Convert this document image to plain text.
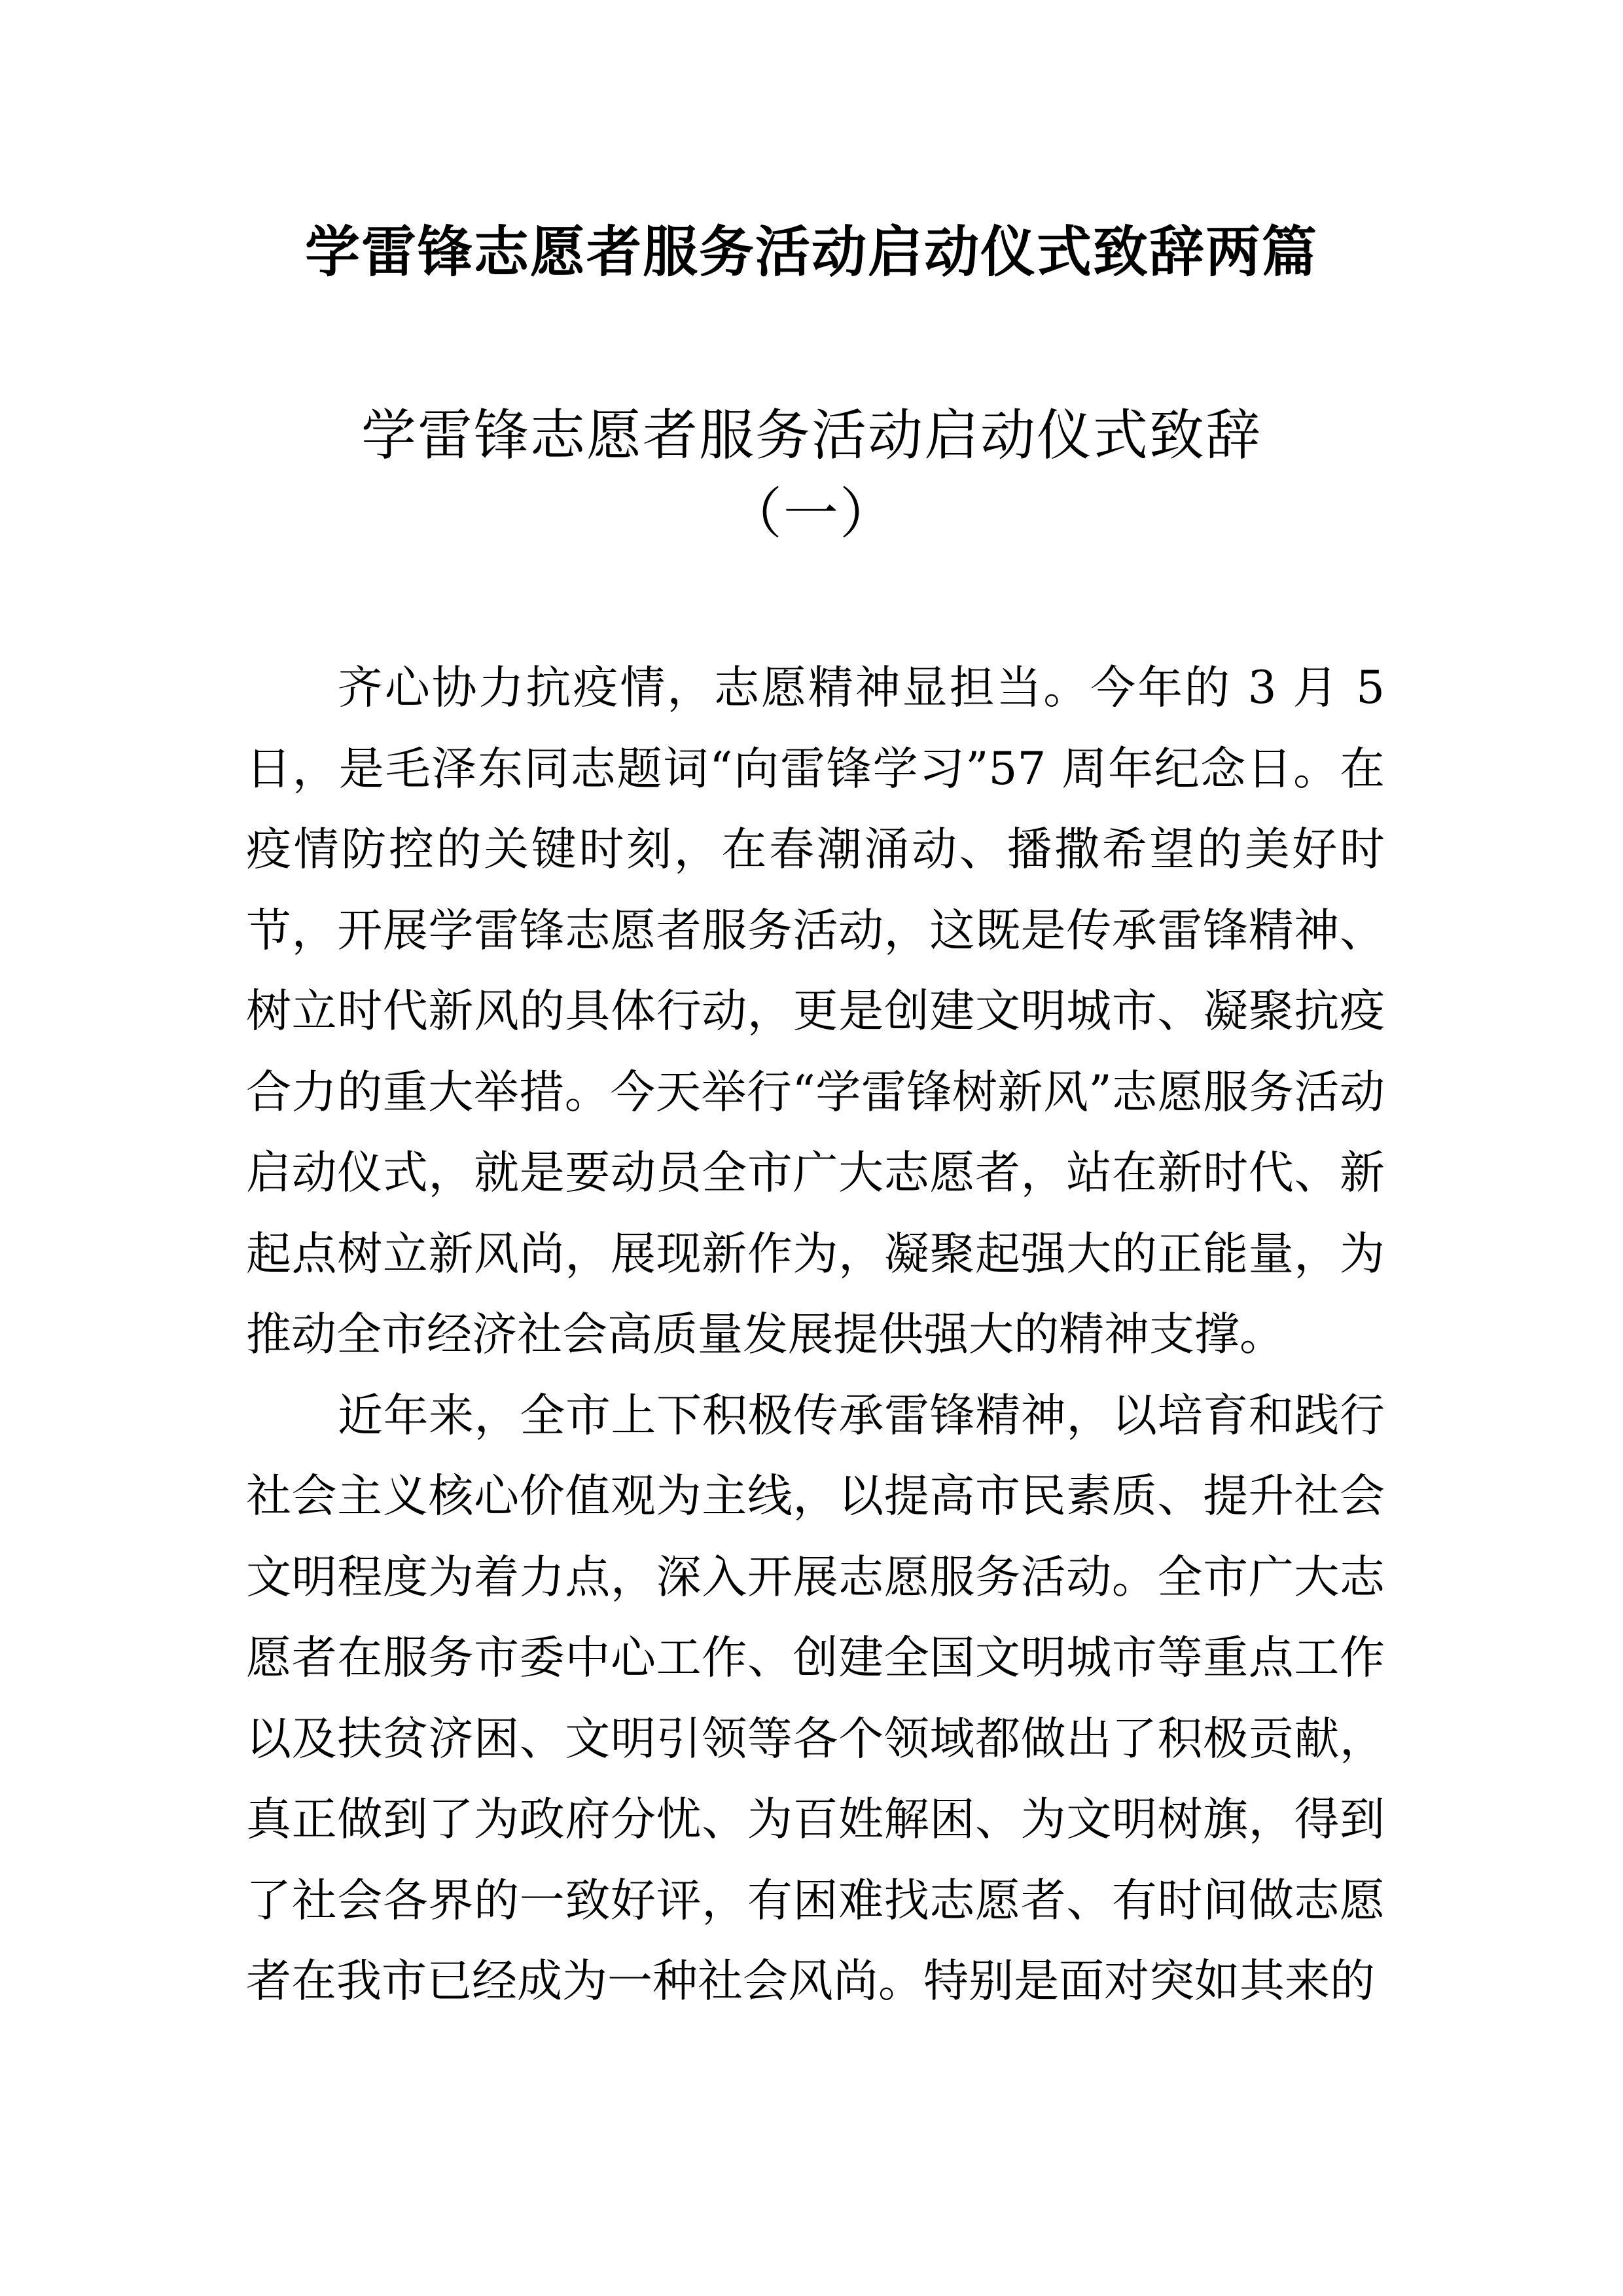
学雷锋志愿者服务活动启动仪式致辞两篇
学雷锋志愿者服务活动启动仪式致辞
（一）

齐心协力抗疫情，志愿精神显担当。今年的 3 月 5 日，是毛泽东同志题词“向雷锋学习”57 周年纪念日。在疫情防控的关键时刻，在春潮涌动、播撒希望的美好时节，开展学雷锋志愿者服务活动，这既是传承雷锋精神、树立时代新风的具体行动，更是创建文明城市、凝聚抗疫合力的重大举措。今天举行“学雷锋树新风”志愿服务活动启动仪式，就是要动员全市广大志愿者，站在新时代、新起点树立新风尚，展现新作为，凝聚起强大的正能量，为推动全市经济社会高质量发展提供强大的精神支撑。

近年来，全市上下积极传承雷锋精神，以培育和践行社会主义核心价值观为主线，以提高市民素质、提升社会文明程度为着力点，深入开展志愿服务活动。全市广大志愿者在服务市委中心工作、创建全国文明城市等重点工作以及扶贫济困、文明引领等各个领域都做出了积极贡献，真正做到了为政府分忧、为百姓解困、为文明树旗，得到了社会各界的一致好评，有困难找志愿者、有时间做志愿者在我市已经成为一种社会风尚。特别是面对突如其来的
